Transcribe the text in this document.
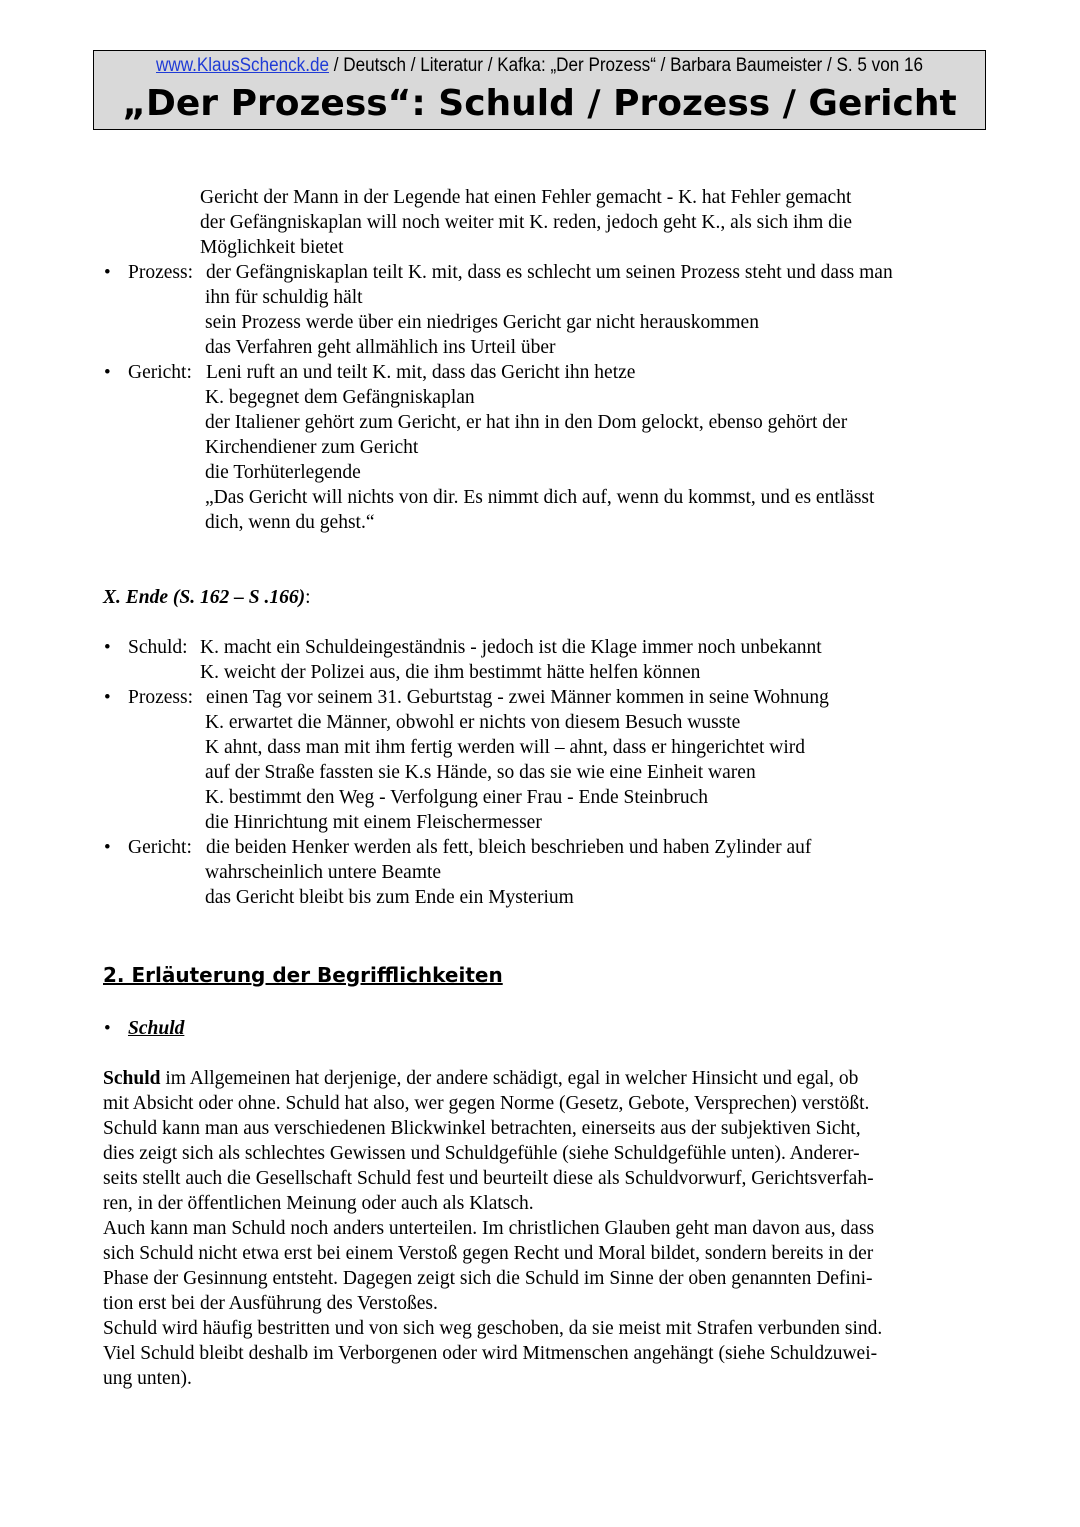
www.KlausSchenck.de / Deutsch / Literatur / Kafka: „Der Prozess“ / Barbara Baumeister / S. 5 von 16
„Der Prozess“: Schuld / Prozess / Gericht
Gericht der Mann in der Legende hat einen Fehler gemacht - K. hat Fehler gemacht
der Gefängniskaplan will noch weiter mit K. reden, jedoch geht K., als sich ihm die
Möglichkeit bietet
• Prozess: der Gefängniskaplan teilt K. mit, dass es schlecht um seinen Prozess steht und dass man
ihn für schuldig hält
sein Prozess werde über ein niedriges Gericht gar nicht herauskommen
das Verfahren geht allmählich ins Urteil über
• Gericht: Leni ruft an und teilt K. mit, dass das Gericht ihn hetze
K. begegnet dem Gefängniskaplan
der Italiener gehört zum Gericht, er hat ihn in den Dom gelockt, ebenso gehört der
Kirchendiener zum Gericht
die Torhüterlegende
„Das Gericht will nichts von dir. Es nimmt dich auf, wenn du kommst, und es entlässt
dich, wenn du gehst.“
X. Ende (S. 162 – S .166):
• Schuld: K. macht ein Schuldeingeständnis - jedoch ist die Klage immer noch unbekannt
K. weicht der Polizei aus, die ihm bestimmt hätte helfen können
• Prozess: einen Tag vor seinem 31. Geburtstag - zwei Männer kommen in seine Wohnung
K. erwartet die Männer, obwohl er nichts von diesem Besuch wusste
K ahnt, dass man mit ihm fertig werden will – ahnt, dass er hingerichtet wird
auf der Straße fassten sie K.s Hände, so das sie wie eine Einheit waren
K. bestimmt den Weg - Verfolgung einer Frau - Ende Steinbruch
die Hinrichtung mit einem Fleischermesser
• Gericht: die beiden Henker werden als fett, bleich beschrieben und haben Zylinder auf
wahrscheinlich untere Beamte
das Gericht bleibt bis zum Ende ein Mysterium
2. Erläuterung der Begrifflichkeiten
• Schuld
Schuld im Allgemeinen hat derjenige, der andere schädigt, egal in welcher Hinsicht und egal, ob
mit Absicht oder ohne. Schuld hat also, wer gegen Norme (Gesetz, Gebote, Versprechen) verstößt.
Schuld kann man aus verschiedenen Blickwinkel betrachten, einerseits aus der subjektiven Sicht,
dies zeigt sich als schlechtes Gewissen und Schuldgefühle (siehe Schuldgefühle unten). Anderer-
seits stellt auch die Gesellschaft Schuld fest und beurteilt diese als Schuldvorwurf, Gerichtsverfah-
ren, in der öffentlichen Meinung oder auch als Klatsch.
Auch kann man Schuld noch anders unterteilen. Im christlichen Glauben geht man davon aus, dass
sich Schuld nicht etwa erst bei einem Verstoß gegen Recht und Moral bildet, sondern bereits in der
Phase der Gesinnung entsteht. Dagegen zeigt sich die Schuld im Sinne der oben genannten Defini-
tion erst bei der Ausführung des Verstoßes.
Schuld wird häufig bestritten und von sich weg geschoben, da sie meist mit Strafen verbunden sind.
Viel Schuld bleibt deshalb im Verborgenen oder wird Mitmenschen angehängt (siehe Schuldzuwei-
ung unten).
